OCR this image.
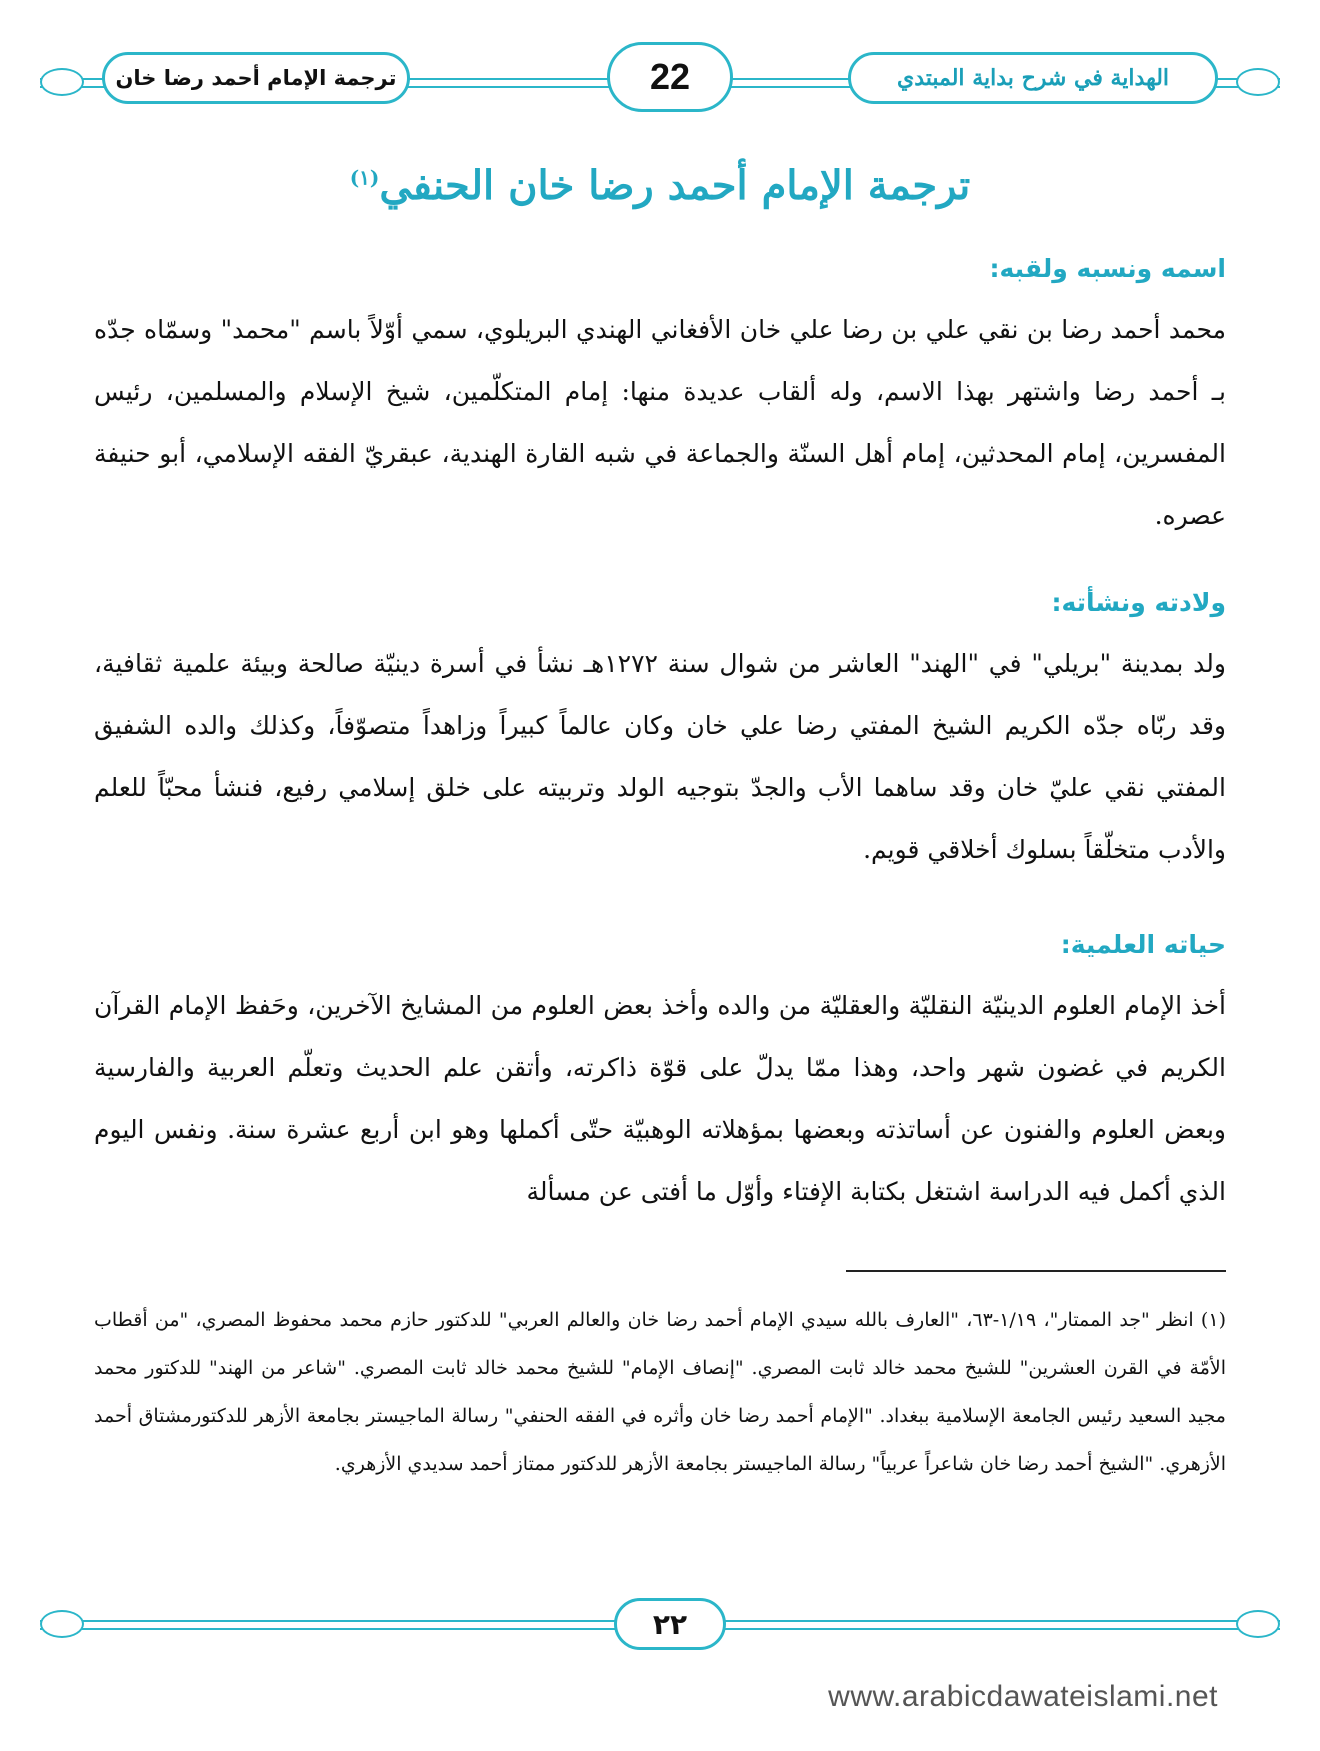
ترجمة الإمام أحمد رضا خان	22	الهداية في شرح بداية المبتدي
ترجمة الإمام أحمد رضا خان الحنفي$^{(١)}$
اسمه ونسبه ولقبه:
محمد أحمد رضا بن نقي علي بن رضا علي خان الأفغاني الهندي البريلوي، سمي أوّلاً باسم "محمد" وسمّاه جدّه بـ أحمد رضا واشتهر بهذا الاسم، وله ألقاب عديدة منها: إمام المتكلّمين، شيخ الإسلام والمسلمين، رئيس المفسرين، إمام المحدثين، إمام أهل السنّة والجماعة في شبه القارة الهندية، عبقريّ الفقه الإسلامي، أبو حنيفة عصره.
ولادته ونشأته:
ولد بمدينة "بريلي" في "الهند" العاشر من شوال سنة ١٢٧٢هـ نشأ في أسرة دينيّة صالحة وبيئة علمية ثقافية، وقد ربّاه جدّه الكريم الشيخ المفتي رضا علي خان وكان عالماً كبيراً وزاهداً متصوّفاً، وكذلك والده الشفيق المفتي نقي عليّ خان وقد ساهما الأب والجدّ بتوجيه الولد وتربيته على خلق إسلامي رفيع، فنشأ محبّاً للعلم والأدب متخلّقاً بسلوك أخلاقي قويم.
حياته العلمية:
أخذ الإمام العلوم الدينيّة النقليّة والعقليّة من والده وأخذ بعض العلوم من المشايخ الآخرين، وحَفظ الإمام القرآن الكريم في غضون شهر واحد، وهذا ممّا يدلّ على قوّة ذاكرته، وأتقن علم الحديث وتعلّم العربية والفارسية وبعض العلوم والفنون عن أساتذته وبعضها بمؤهلاته الوهبيّة حتّى أكملها وهو ابن أربع عشرة سنة. ونفس اليوم الذي أكمل فيه الدراسة اشتغل بكتابة الإفتاء وأوّل ما أفتى عن مسألة
(١) انظر "جد الممتار"، ١/١٩-٦٣، "العارف بالله سيدي الإمام أحمد رضا خان والعالم العربي" للدكتور حازم محمد محفوظ المصري، "من أقطاب الأمّة في القرن العشرين" للشيخ محمد خالد ثابت المصري. "إنصاف الإمام" للشيخ محمد خالد ثابت المصري. "شاعر من الهند" للدكتور محمد مجيد السعيد رئيس الجامعة الإسلامية ببغداد. "الإمام أحمد رضا خان وأثره في الفقه الحنفي" رسالة الماجيستر بجامعة الأزهر للدكتورمشتاق أحمد الأزهري. "الشيخ أحمد رضا خان شاعراً عربياً" رسالة الماجيستر بجامعة الأزهر للدكتور ممتاز أحمد سديدي الأزهري.
٢٢
www.arabicdawateislami.net
